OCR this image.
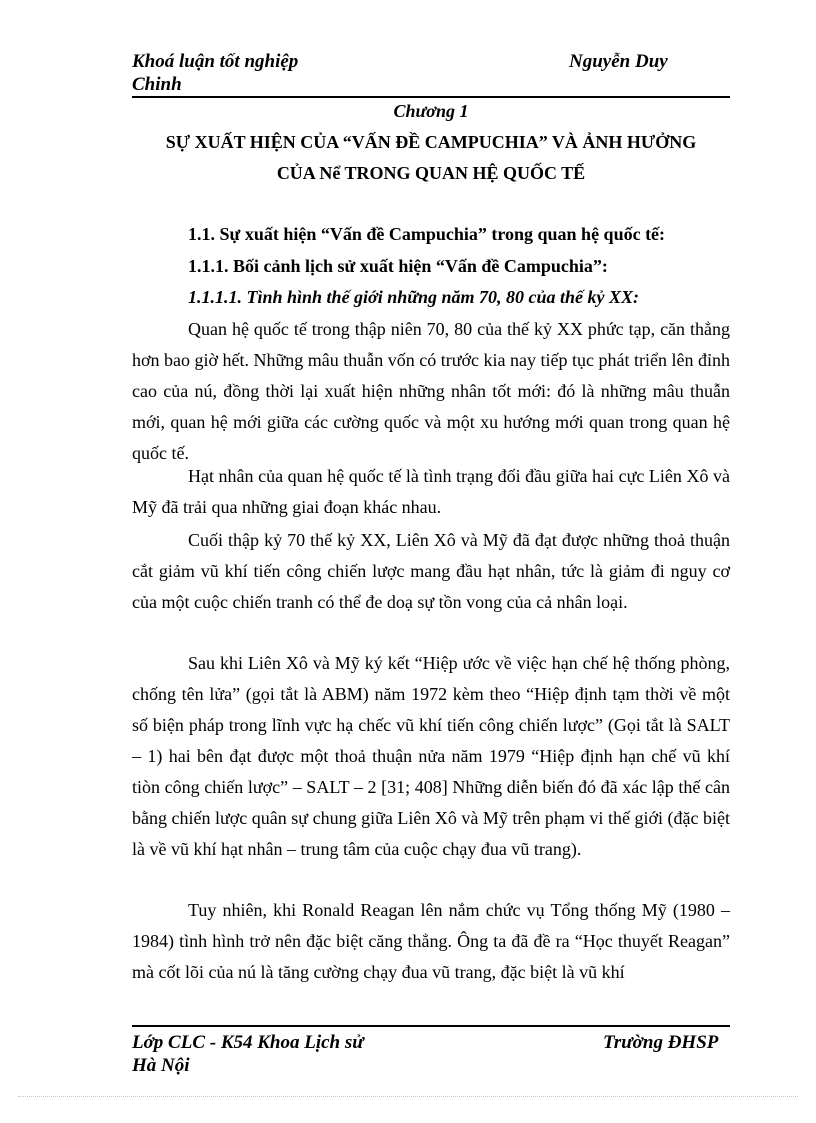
Khoá luận tốt nghiệp
Chinh
Nguyễn Duy
Chương 1
SỰ XUẤT HIỆN CỦA “VẤN ĐỀ CAMPUCHIA” VÀ ẢNH HƯỞNG
CỦA Nể TRONG QUAN HỆ QUỐC TẾ
1.1. Sự xuất hiện “Vấn đề Campuchia” trong quan hệ quốc tế:
1.1.1. Bối cảnh lịch sử xuất hiện “Vấn đề Campuchia”:
1.1.1.1. Tình hình thế giới những năm 70, 80 của thế kỷ XX:

Quan hệ quốc tế trong thập niên 70, 80 của thế kỷ XX phức tạp, căn thẳng hơn bao giờ hết. Những mâu thuẫn vốn có trước kia nay tiếp tục phát triển lên đỉnh cao của nú, đồng thời lại xuất hiện những nhân tốt mới: đó là những mâu thuẫn mới, quan hệ mới giữa các cường quốc và một xu hướng mới quan trong quan hệ quốc tế.

Hạt nhân của quan hệ quốc tế là tình trạng đối đầu giữa hai cực Liên Xô và Mỹ đã trải qua những giai đoạn khác nhau.

Cuối thập kỷ 70 thế kỷ XX, Liên Xô và Mỹ đã đạt được những thoả thuận cắt giảm vũ khí tiến công chiến lược mang đầu hạt nhân, tức là giảm đi nguy cơ của một cuộc chiến tranh có thể đe doạ sự tồn vong của cả nhân loại.

Sau khi Liên Xô và Mỹ ký kết “Hiệp ước về việc hạn chế hệ thống phòng, chống tên lửa” (gọi tắt là ABM) năm 1972 kèm theo “Hiệp định tạm thời về một số biện pháp trong lĩnh vực hạ chếc vũ khí tiến công chiến lược” (Gọi tắt là SALT – 1) hai bên đạt được một thoả thuận nửa năm 1979 “Hiệp định hạn chế vũ khí tiòn công chiến lược” – SALT – 2 [31; 408] Những diễn biến đó đã xác lập thế cân bằng chiến lược quân sự chung giữa Liên Xô và Mỹ trên phạm vi thế giới (đặc biệt là về vũ khí hạt nhân – trung tâm của cuộc chạy đua vũ trang).

Tuy nhiên, khi Ronald Reagan lên nắm chức vụ Tổng thống Mỹ (1980 – 1984) tình hình trở nên đặc biệt căng thẳng. Ông ta đã đề ra “Học thuyết Reagan” mà cốt lõi của nú là tăng cường chạy đua vũ trang, đặc biệt là vũ khí

Lớp CLC - K54 Khoa Lịch sử
Hà Nội
Trường ĐHSP
